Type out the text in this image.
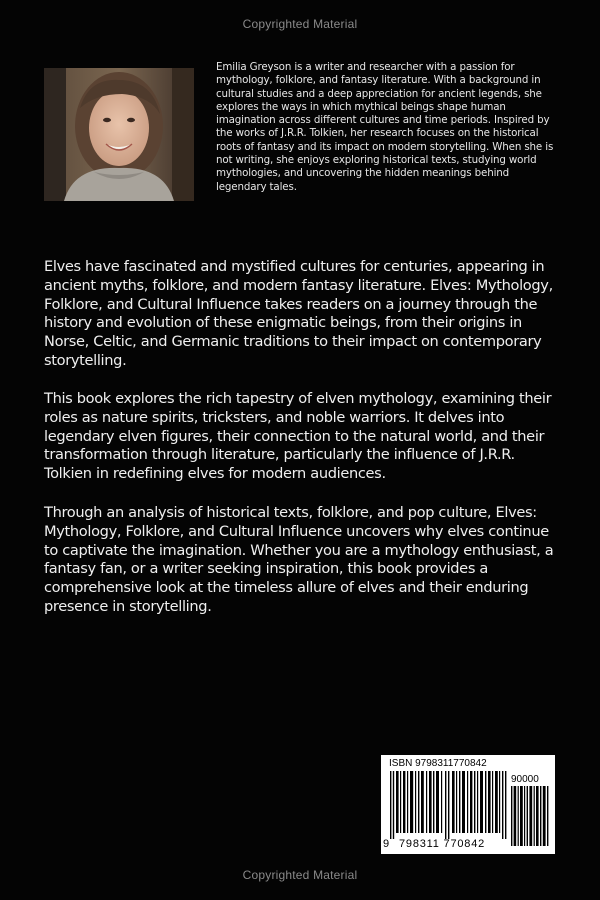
Copyrighted Material

Emilia Greyson is a writer and researcher with a passion for mythology, folklore, and fantasy literature. With a background in cultural studies and a deep appreciation for ancient legends, she explores the ways in which mythical beings shape human imagination across different cultures and time periods. Inspired by the works of J.R.R. Tolkien, her research focuses on the historical roots of fantasy and its impact on modern storytelling. When she is not writing, she enjoys exploring historical texts, studying world mythologies, and uncovering the hidden meanings behind legendary tales.

Elves have fascinated and mystified cultures for centuries, appearing in ancient myths, folklore, and modern fantasy literature. Elves: Mythology, Folklore, and Cultural Influence takes readers on a journey through the history and evolution of these enigmatic beings, from their origins in Norse, Celtic, and Germanic traditions to their impact on contemporary storytelling.

This book explores the rich tapestry of elven mythology, examining their roles as nature spirits, tricksters, and noble warriors. It delves into legendary elven figures, their connection to the natural world, and their transformation through literature, particularly the influence of J.R.R. Tolkien in redefining elves for modern audiences.

Through an analysis of historical texts, folklore, and pop culture, Elves: Mythology, Folklore, and Cultural Influence uncovers why elves continue to captivate the imagination. Whether you are a mythology enthusiast, a fantasy fan, or a writer seeking inspiration, this book provides a comprehensive look at the timeless allure of elves and their enduring presence in storytelling.

ISBN 9798311770842
90000
9 798311 770842
Copyrighted Material
